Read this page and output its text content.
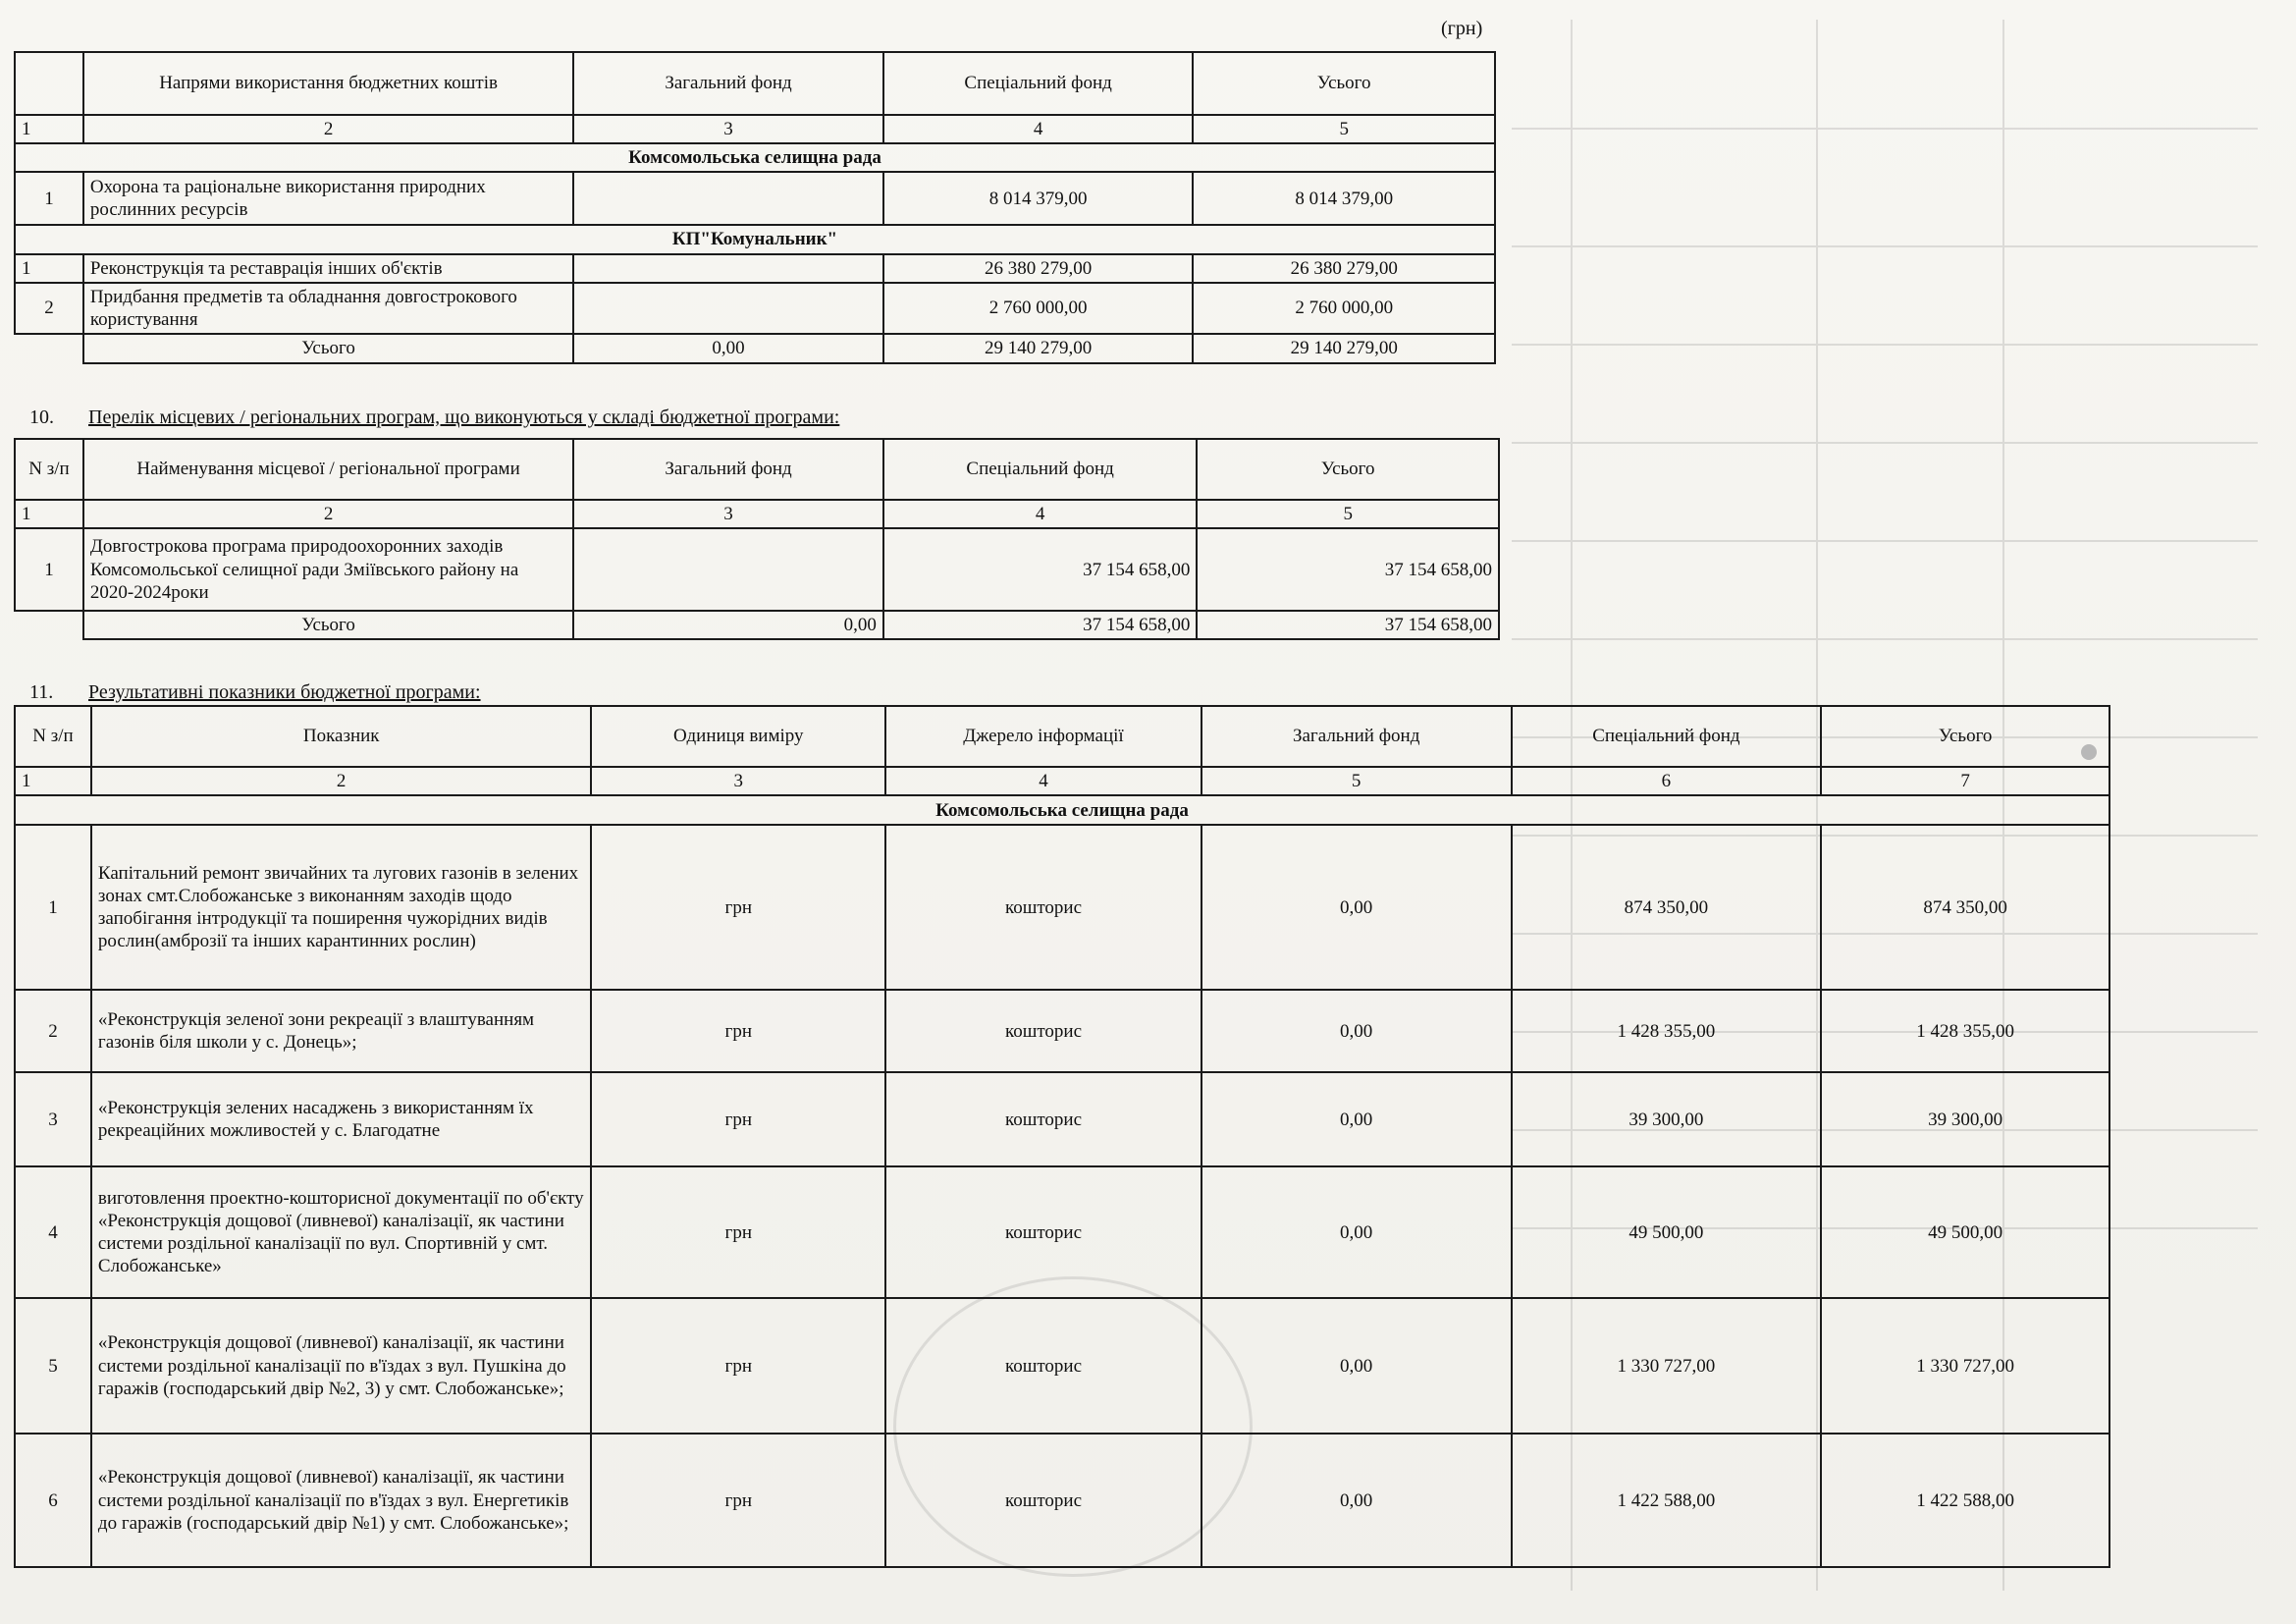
(грн)
	Напрями використання бюджетних коштів	Загальний фонд	Спеціальний фонд	Усього
1	2	3	4	5
Комсомольська селищна рада				
1	Охорона та раціональне використання природних рослинних ресурсів		8 014 379,00	8 014 379,00
КП"Комунальник"				
1	Реконструкція та реставрація інших об'єктів		26 380 279,00	26 380 279,00
2	Придбання предметів та обладнання довгострокового користування		2 760 000,00	2 760 000,00
	Усього	0,00	29 140 279,00	29 140 279,00
10. Перелік місцевих / регіональних програм, що виконуються у складі бюджетної програми:
N з/п	Найменування місцевої / регіональної програми	Загальний фонд	Спеціальний фонд	Усього
1	2	3	4	5
1	Довгострокова програма природоохоронних заходів Комсомольської селищної ради Зміївського району на 2020-2024роки		37 154 658,00	37 154 658,00
	Усього	0,00	37 154 658,00	37 154 658,00
11. Результативні показники бюджетної програми:
N з/п	Показник	Одиниця виміру	Джерело інформації	Загальний фонд	Спеціальний фонд	Усього
1	2	3	4	5	6	7
Комсомольська селищна рада						
1	Капітальний ремонт звичайних та лугових газонів в зелених зонах смт.Слобожанське з виконанням заходів щодо запобігання інтродукції та поширення чужорідних видів рослин(амброзії та інших карантинних рослин)	грн	кошторис	0,00	874 350,00	874 350,00
2	«Реконструкція зеленої зони рекреації з влаштуванням газонів біля школи у с. Донець»;	грн	кошторис	0,00	1 428 355,00	1 428 355,00
3	«Реконструкція зелених насаджень з використанням їх рекреаційних можливостей у с. Благодатне	грн	кошторис	0,00	39 300,00	39 300,00
4	виготовлення проектно-кошторисної документації по об'єкту «Реконструкція дощової (ливневої) каналізації, як частини системи роздільної каналізації по вул. Спортивній у смт. Слобожанське»	грн	кошторис	0,00	49 500,00	49 500,00
5	«Реконструкція дощової (ливневої) каналізації, як частини системи роздільної каналізації по в'їздах з вул. Пушкіна до гаражів (господарський двір №2, 3) у смт. Слобожанське»;	грн	кошторис	0,00	1 330 727,00	1 330 727,00
6	«Реконструкція дощової (ливневої) каналізації, як частини системи роздільної каналізації по в'їздах з вул. Енергетиків до гаражів (господарський двір №1) у смт. Слобожанське»;	грн	кошторис	0,00	1 422 588,00	1 422 588,00
